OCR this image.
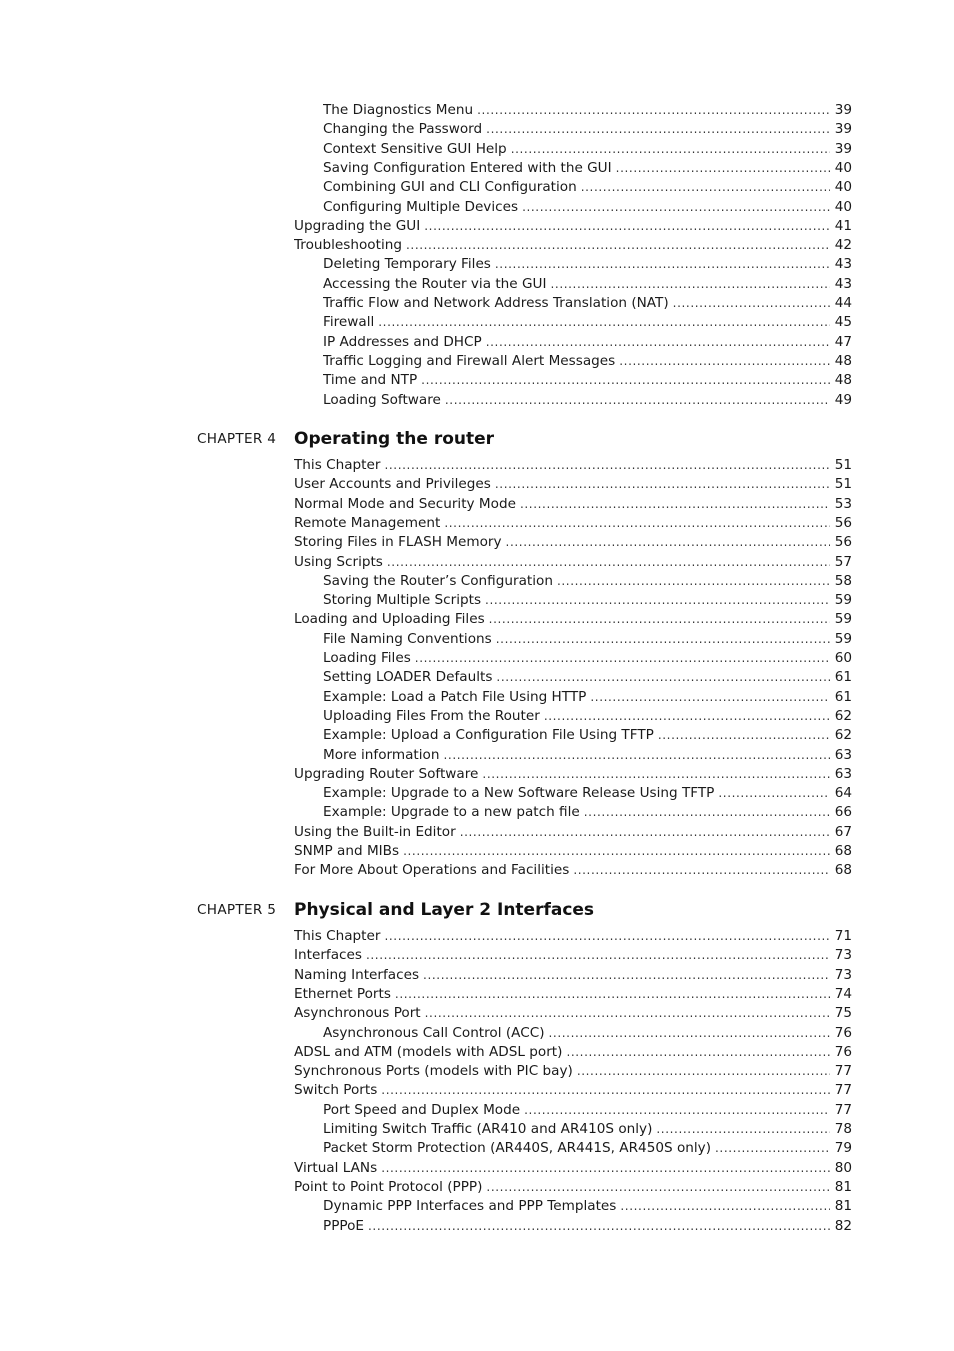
The Diagnostics Menu .....	39
Changing the Password .....	39
Context Sensitive GUI Help .....	39
Saving Configuration Entered with the GUI .....	40
Combining GUI and CLI Configuration .....	40
Configuring Multiple Devices .....	40
Upgrading the GUI .....	41
Troubleshooting .....	42
Deleting Temporary Files .....	43
Accessing the Router via the GUI .....	43
Traffic Flow and Network Address Translation (NAT) .....	44
Firewall .....	45
IP Addresses and DHCP .....	47
Traffic Logging and Firewall Alert Messages .....	48
Time and NTP .....	48
Loading Software .....	49
CHAPTER 4 Operating the router
This Chapter .....	51
User Accounts and Privileges .....	51
Normal Mode and Security Mode .....	53
Remote Management .....	56
Storing Files in FLASH Memory .....	56
Using Scripts .....	57
Saving the Router’s Configuration .....	58
Storing Multiple Scripts .....	59
Loading and Uploading Files .....	59
File Naming Conventions .....	59
Loading Files .....	60
Setting LOADER Defaults .....	61
Example: Load a Patch File Using HTTP .....	61
Uploading Files From the Router .....	62
Example: Upload a Configuration File Using TFTP .....	62
More information .....	63
Upgrading Router Software .....	63
Example: Upgrade to a New Software Release Using TFTP .....	64
Example: Upgrade to a new patch file .....	66
Using the Built-in Editor .....	67
SNMP and MIBs .....	68
For More About Operations and Facilities .....	68
CHAPTER 5 Physical and Layer 2 Interfaces
This Chapter .....	71
Interfaces .....	73
Naming Interfaces .....	73
Ethernet Ports .....	74
Asynchronous Port .....	75
Asynchronous Call Control (ACC) .....	76
ADSL and ATM (models with ADSL port) .....	76
Synchronous Ports (models with PIC bay) .....	77
Switch Ports .....	77
Port Speed and Duplex Mode .....	77
Limiting Switch Traffic (AR410 and AR410S only) .....	78
Packet Storm Protection (AR440S, AR441S, AR450S only) .....	79
Virtual LANs .....	80
Point to Point Protocol (PPP) .....	81
Dynamic PPP Interfaces and PPP Templates .....	81
PPPoE .....	82
